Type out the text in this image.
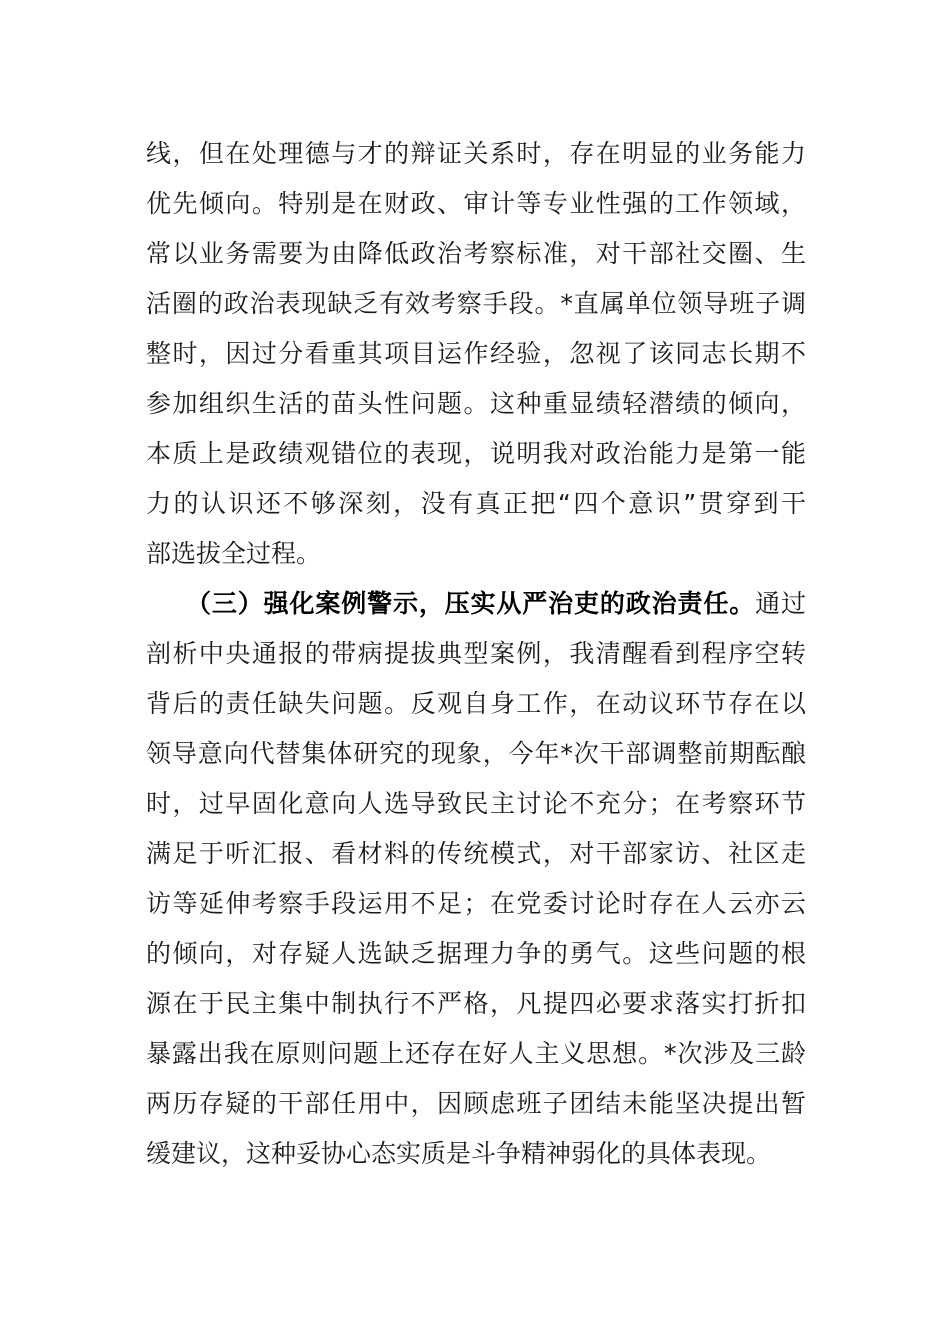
线，但在处理德与才的辩证关系时，存在明显的业务能力
优先倾向。特别是在财政、审计等专业性强的工作领域，
常以业务需要为由降低政治考察标准，对干部社交圈、生
活圈的政治表现缺乏有效考察手段。*直属单位领导班子调
整时，因过分看重其项目运作经验，忽视了该同志长期不
参加组织生活的苗头性问题。这种重显绩轻潜绩的倾向，
本质上是政绩观错位的表现，说明我对政治能力是第一能
力的认识还不够深刻，没有真正把“四个意识”贯穿到干
部选拔全过程。
（三）强化案例警示，压实从严治吏的政治责任。通过
剖析中央通报的带病提拔典型案例，我清醒看到程序空转
背后的责任缺失问题。反观自身工作，在动议环节存在以
领导意向代替集体研究的现象，今年*次干部调整前期酝酿
时，过早固化意向人选导致民主讨论不充分；在考察环节
满足于听汇报、看材料的传统模式，对干部家访、社区走
访等延伸考察手段运用不足；在党委讨论时存在人云亦云
的倾向，对存疑人选缺乏据理力争的勇气。这些问题的根
源在于民主集中制执行不严格，凡提四必要求落实打折扣
暴露出我在原则问题上还存在好人主义思想。*次涉及三龄
两历存疑的干部任用中，因顾虑班子团结未能坚决提出暂
缓建议，这种妥协心态实质是斗争精神弱化的具体表现。
